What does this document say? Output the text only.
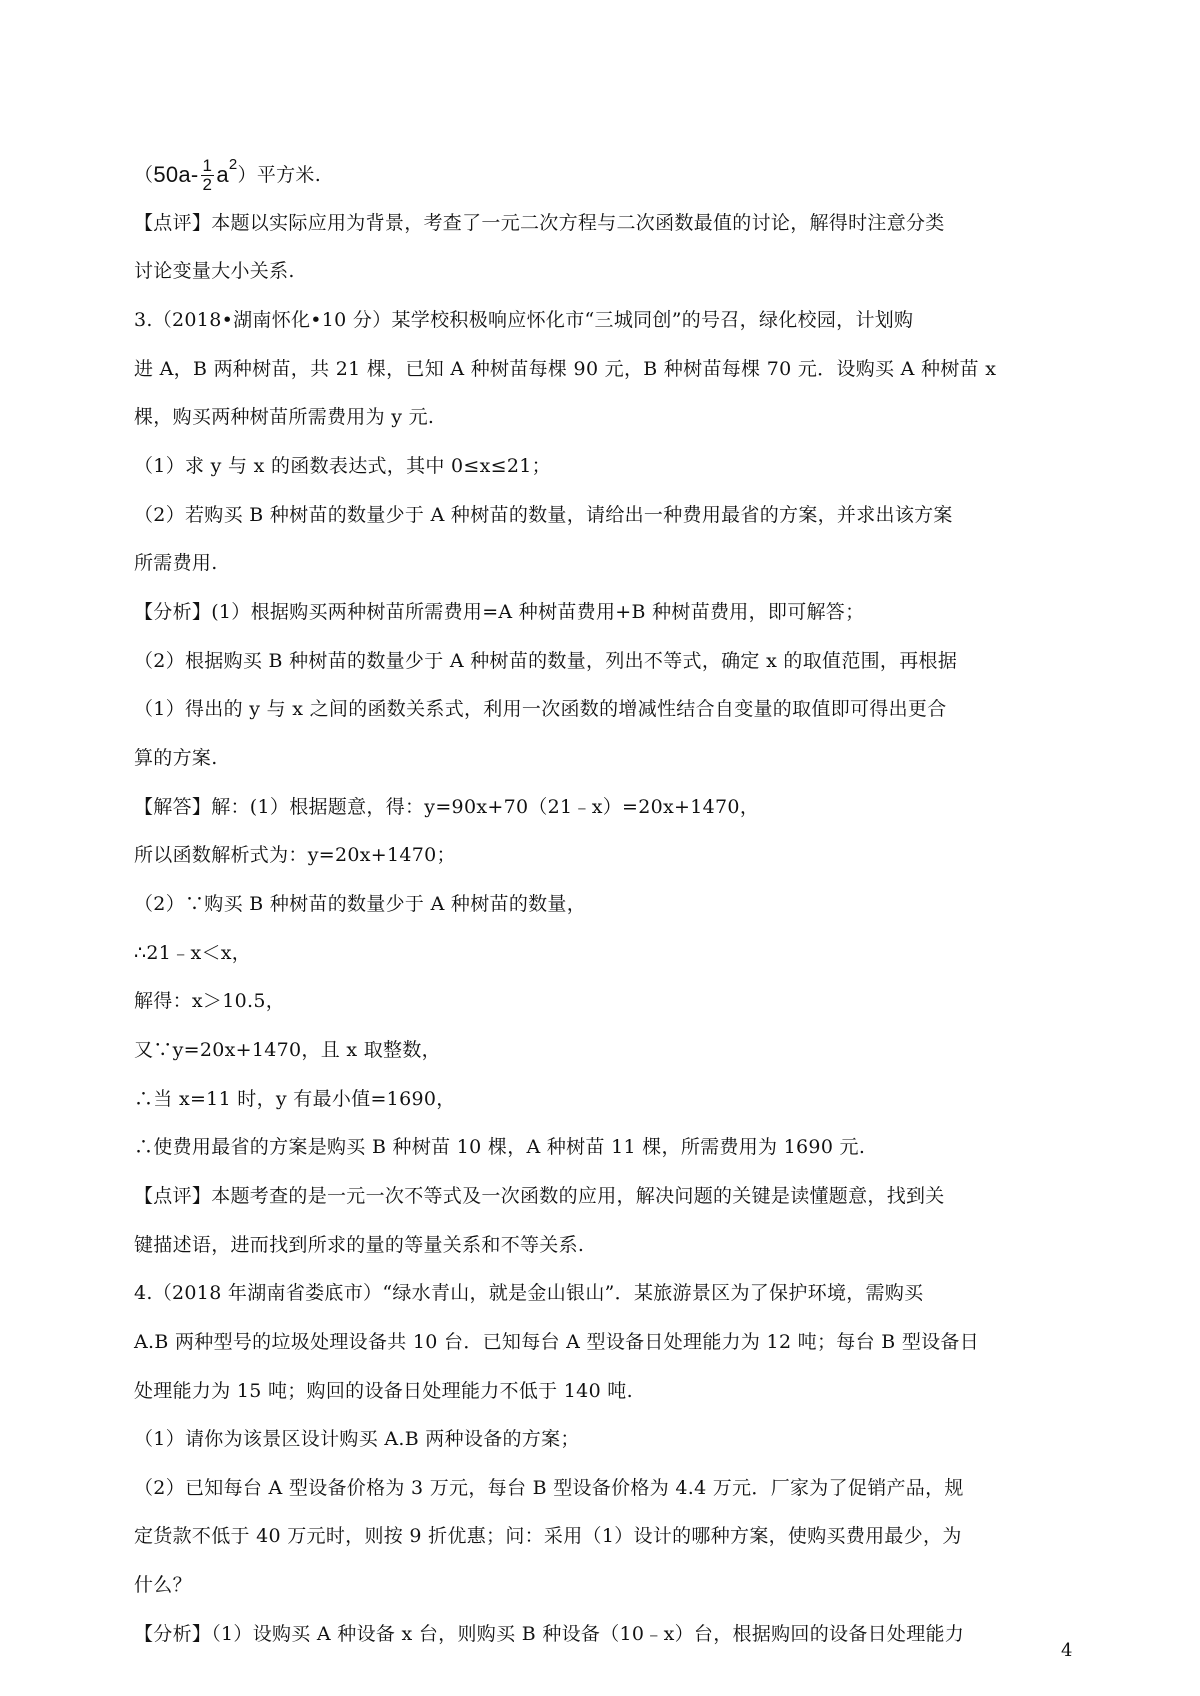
（ $50a- \frac{1}{2}$ a 2 ）平方米.
【点评】本题以实际应用为背景，考查了一元二次方程与二次函数最值的讨论，解得时注意分类
讨论变量大小关系.
3.（2018•湖南怀化•10 分）某学校积极响应怀化市“三城同创”的号召，绿化校园，计划购
进 A，B 两种树苗，共 21 棵，已知 A 种树苗每棵 90 元，B 种树苗每棵 70 元．设购买 A 种树苗 x
棵，购买两种树苗所需费用为 y 元.
（1）求 y 与 x 的函数表达式，其中 0≤x≤21；
（2）若购买 B 种树苗的数量少于 A 种树苗的数量，请给出一种费用最省的方案，并求出该方案
所需费用.
【分析】(1）根据购买两种树苗所需费用=A 种树苗费用+B 种树苗费用，即可解答；
（2）根据购买 B 种树苗的数量少于 A 种树苗的数量，列出不等式，确定 x 的取值范围，再根据
（1）得出的 y 与 x 之间的函数关系式，利用一次函数的增减性结合自变量的取值即可得出更合
算的方案.
【解答】解：(1）根据题意，得：y=90x+70（21﹣x）=20x+1470，
所以函数解析式为：y=20x+1470；
（2）∵购买 B 种树苗的数量少于 A 种树苗的数量，
∴21﹣x＜x，
解得：x＞10.5，
又∵y=20x+1470，且 x 取整数，
∴当 x=11 时，y 有最小值=1690，
∴使费用最省的方案是购买 B 种树苗 10 棵，A 种树苗 11 棵，所需费用为 1690 元.
【点评】本题考查的是一元一次不等式及一次函数的应用，解决问题的关键是读懂题意，找到关
键描述语，进而找到所求的量的等量关系和不等关系.
4.（2018 年湖南省娄底市）“绿水青山，就是金山银山”．某旅游景区为了保护环境，需购买
A.B 两种型号的垃圾处理设备共 10 台．已知每台 A 型设备日处理能力为 12 吨；每台 B 型设备日
处理能力为 15 吨；购回的设备日处理能力不低于 140 吨.
（1）请你为该景区设计购买 A.B 两种设备的方案；
（2）已知每台 A 型设备价格为 3 万元，每台 B 型设备价格为 4.4 万元．厂家为了促销产品，规
定货款不低于 40 万元时，则按 9 折优惠；问：采用（1）设计的哪种方案，使购买费用最少，为
什么？
【分析】（1）设购买 A 种设备 x 台，则购买 B 种设备（10﹣x）台，根据购回的设备日处理能力
4
